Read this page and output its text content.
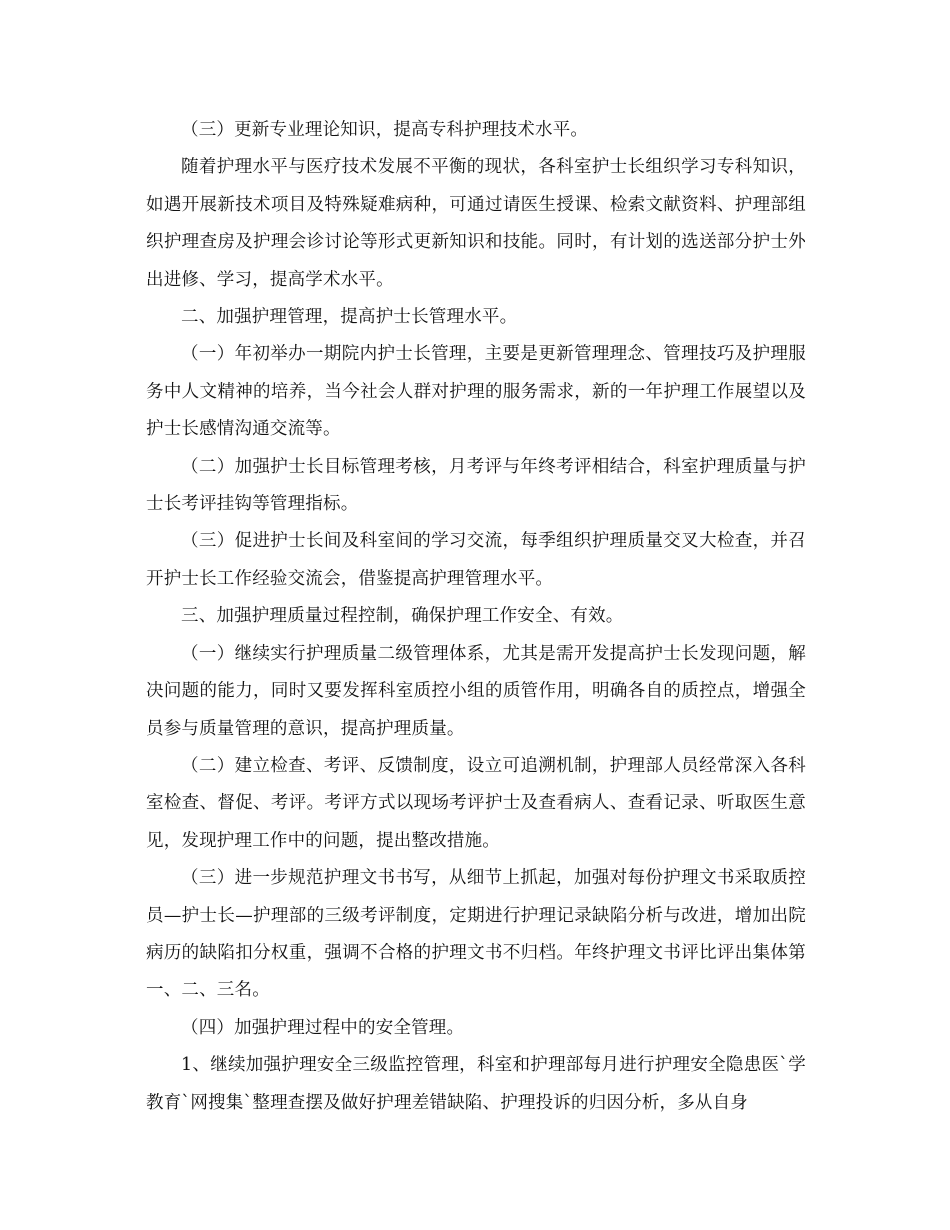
（三）更新专业理论知识，提高专科护理技术水平。

随着护理水平与医疗技术发展不平衡的现状，各科室护士长组织学习专科知识，如遇开展新技术项目及特殊疑难病种，可通过请医生授课、检索文献资料、护理部组织护理查房及护理会诊讨论等形式更新知识和技能。同时，有计划的选送部分护士外出进修、学习，提高学术水平。

二、加强护理管理，提高护士长管理水平。

（一）年初举办一期院内护士长管理，主要是更新管理理念、管理技巧及护理服务中人文精神的培养，当今社会人群对护理的服务需求，新的一年护理工作展望以及护士长感情沟通交流等。

（二）加强护士长目标管理考核，月考评与年终考评相结合，科室护理质量与护士长考评挂钩等管理指标。

（三）促进护士长间及科室间的学习交流，每季组织护理质量交叉大检查，并召开护士长工作经验交流会，借鉴提高护理管理水平。

三、加强护理质量过程控制，确保护理工作安全、有效。

（一）继续实行护理质量二级管理体系，尤其是需开发提高护士长发现问题，解决问题的能力，同时又要发挥科室质控小组的质管作用，明确各自的质控点，增强全员参与质量管理的意识，提高护理质量。

（二）建立检查、考评、反馈制度，设立可追溯机制，护理部人员经常深入各科室检查、督促、考评。考评方式以现场考评护士及查看病人、查看记录、听取医生意见，发现护理工作中的问题，提出整改措施。

（三）进一步规范护理文书书写，从细节上抓起，加强对每份护理文书采取质控员—护士长—护理部的三级考评制度，定期进行护理记录缺陷分析与改进，增加出院病历的缺陷扣分权重，强调不合格的护理文书不归档。年终护理文书评比评出集体第一、二、三名。

（四）加强护理过程中的安全管理。

1、继续加强护理安全三级监控管理，科室和护理部每月进行护理安全隐患医`学教育`网搜集`整理查摆及做好护理差错缺陷、护理投诉的归因分析，多从自身
